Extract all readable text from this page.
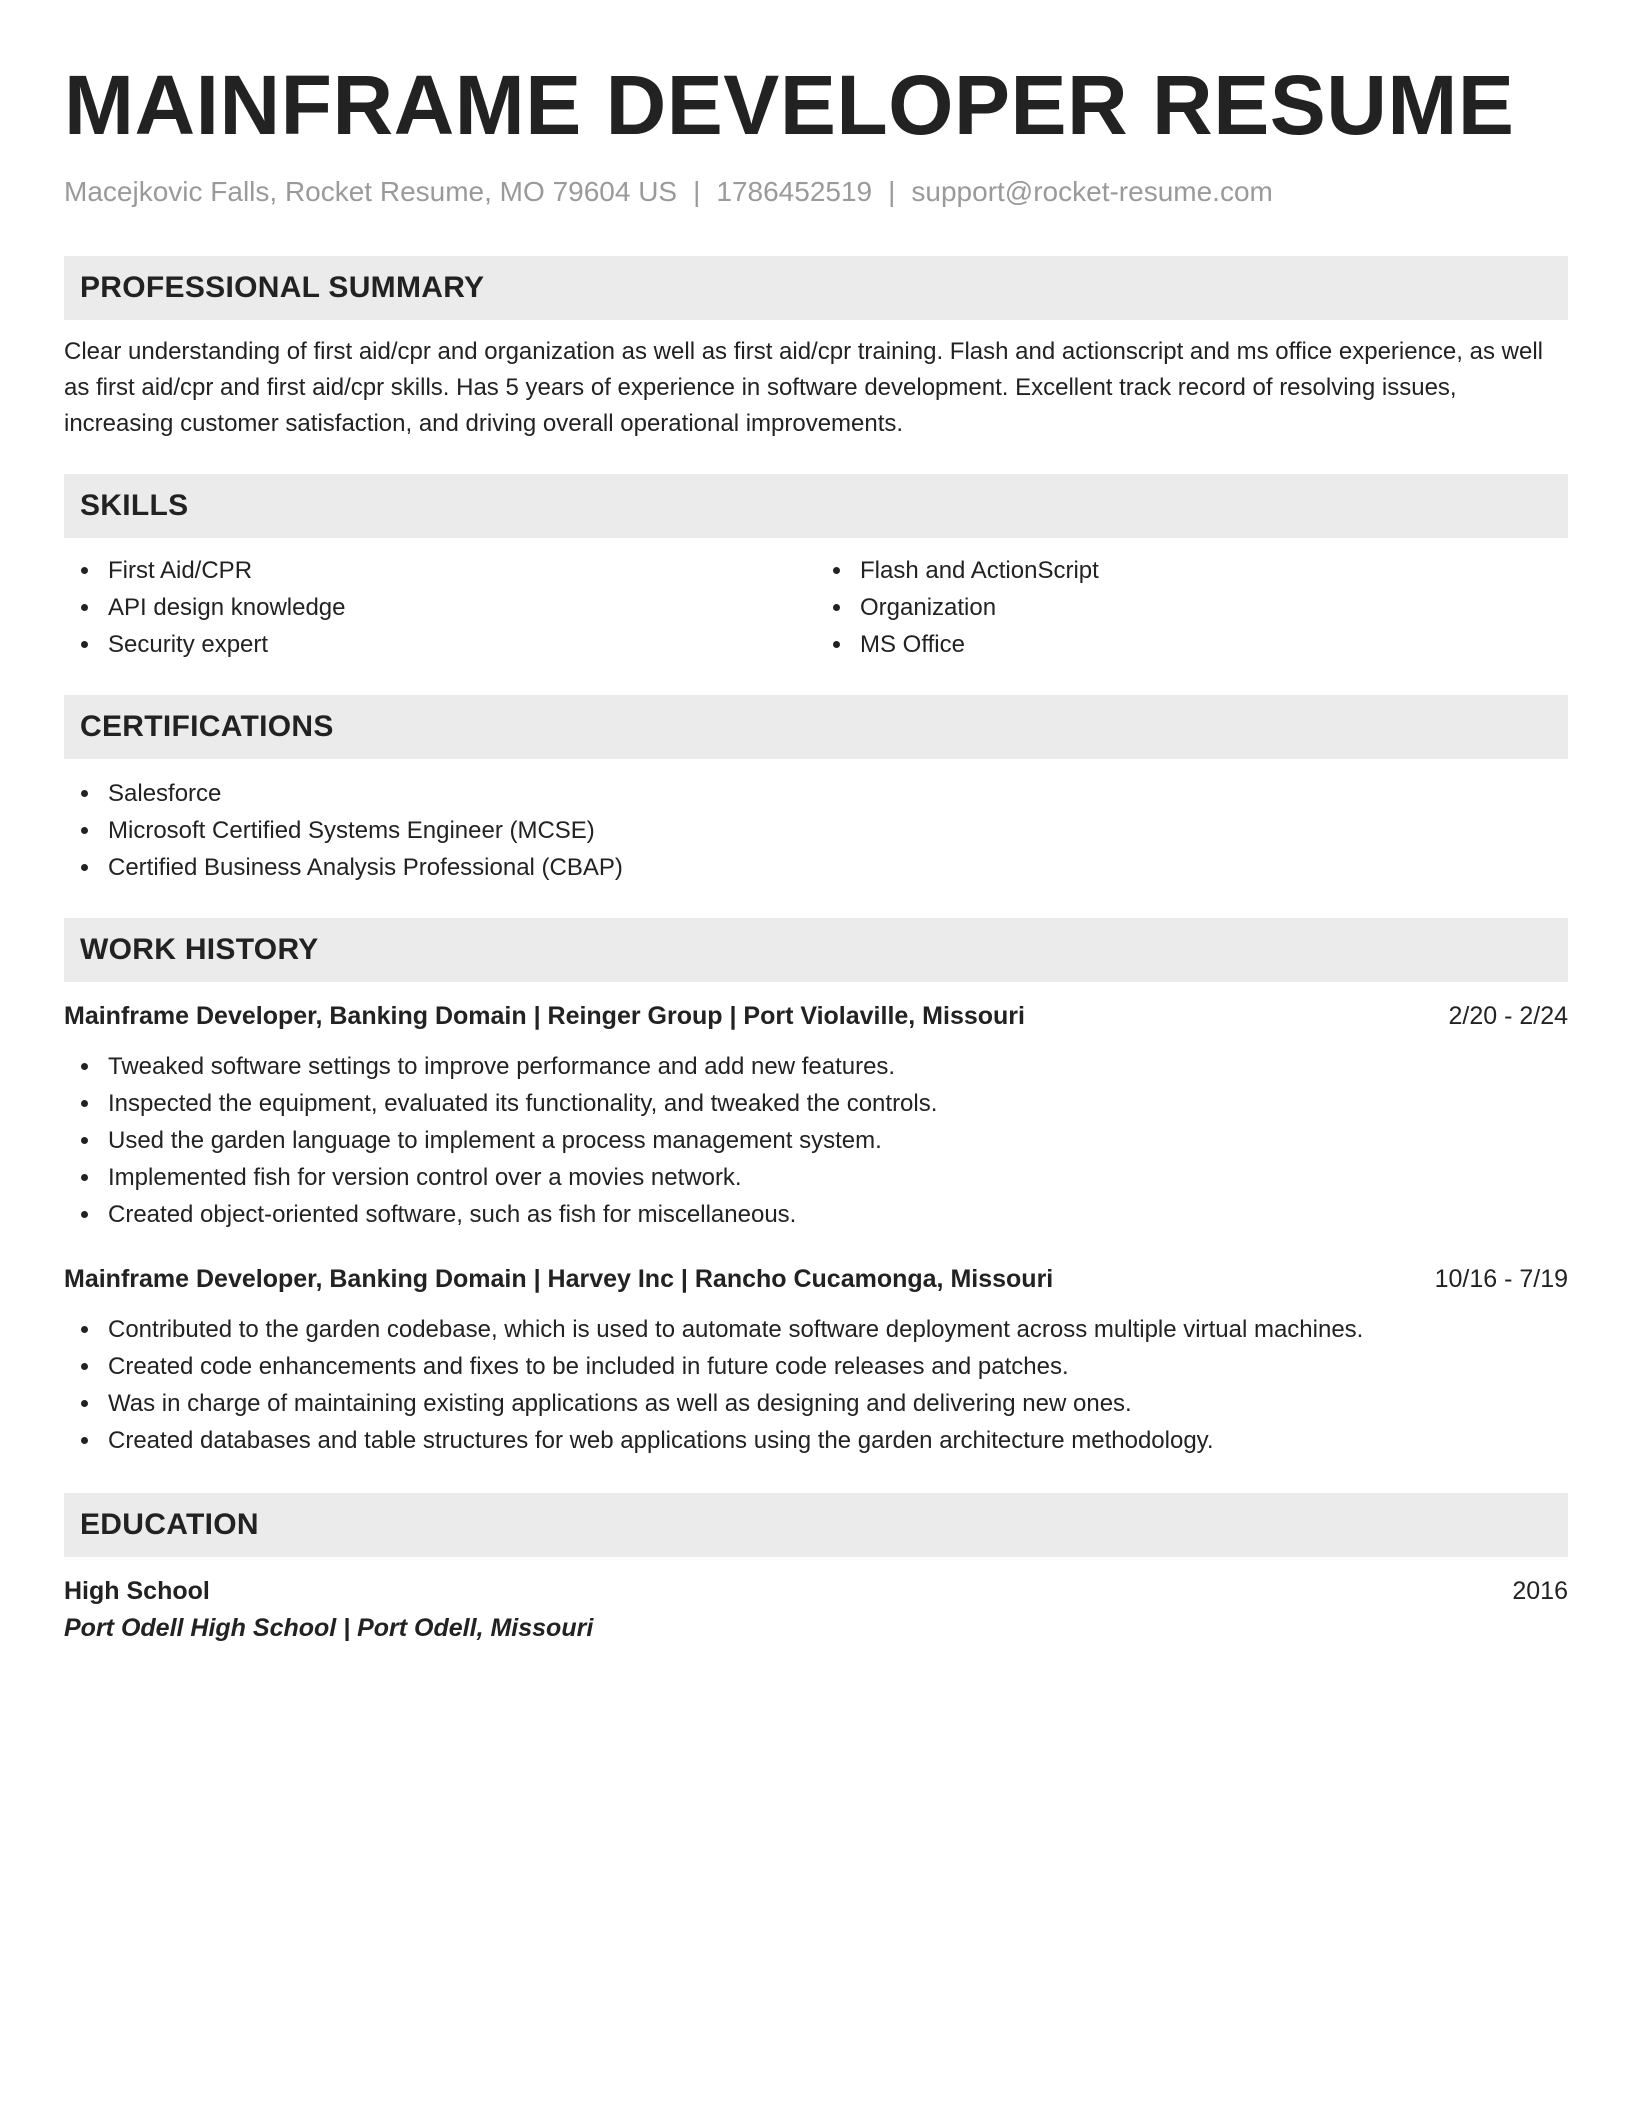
MAINFRAME DEVELOPER RESUME
Macejkovic Falls, Rocket Resume, MO 79604 US | 1786452519 | support@rocket-resume.com
PROFESSIONAL SUMMARY

Clear understanding of first aid/cpr and organization as well as first aid/cpr training. Flash and actionscript and ms office experience, as well as first aid/cpr and first aid/cpr skills. Has 5 years of experience in software development. Excellent track record of resolving issues, increasing customer satisfaction, and driving overall operational improvements.

SKILLS
First Aid/CPR
API design knowledge
Security expert
Flash and ActionScript
Organization
MS Office
CERTIFICATIONS
Salesforce
Microsoft Certified Systems Engineer (MCSE)
Certified Business Analysis Professional (CBAP)
WORK HISTORY
Mainframe Developer, Banking Domain | Reinger Group | Port Violaville, Missouri	2/20 - 2/24
Tweaked software settings to improve performance and add new features.
Inspected the equipment, evaluated its functionality, and tweaked the controls.
Used the garden language to implement a process management system.
Implemented fish for version control over a movies network.
Created object-oriented software, such as fish for miscellaneous.
Mainframe Developer, Banking Domain | Harvey Inc | Rancho Cucamonga, Missouri	10/16 - 7/19
Contributed to the garden codebase, which is used to automate software deployment across multiple virtual machines.
Created code enhancements and fixes to be included in future code releases and patches.
Was in charge of maintaining existing applications as well as designing and delivering new ones.
Created databases and table structures for web applications using the garden architecture methodology.
EDUCATION
High School	2016
Port Odell High School | Port Odell, Missouri
